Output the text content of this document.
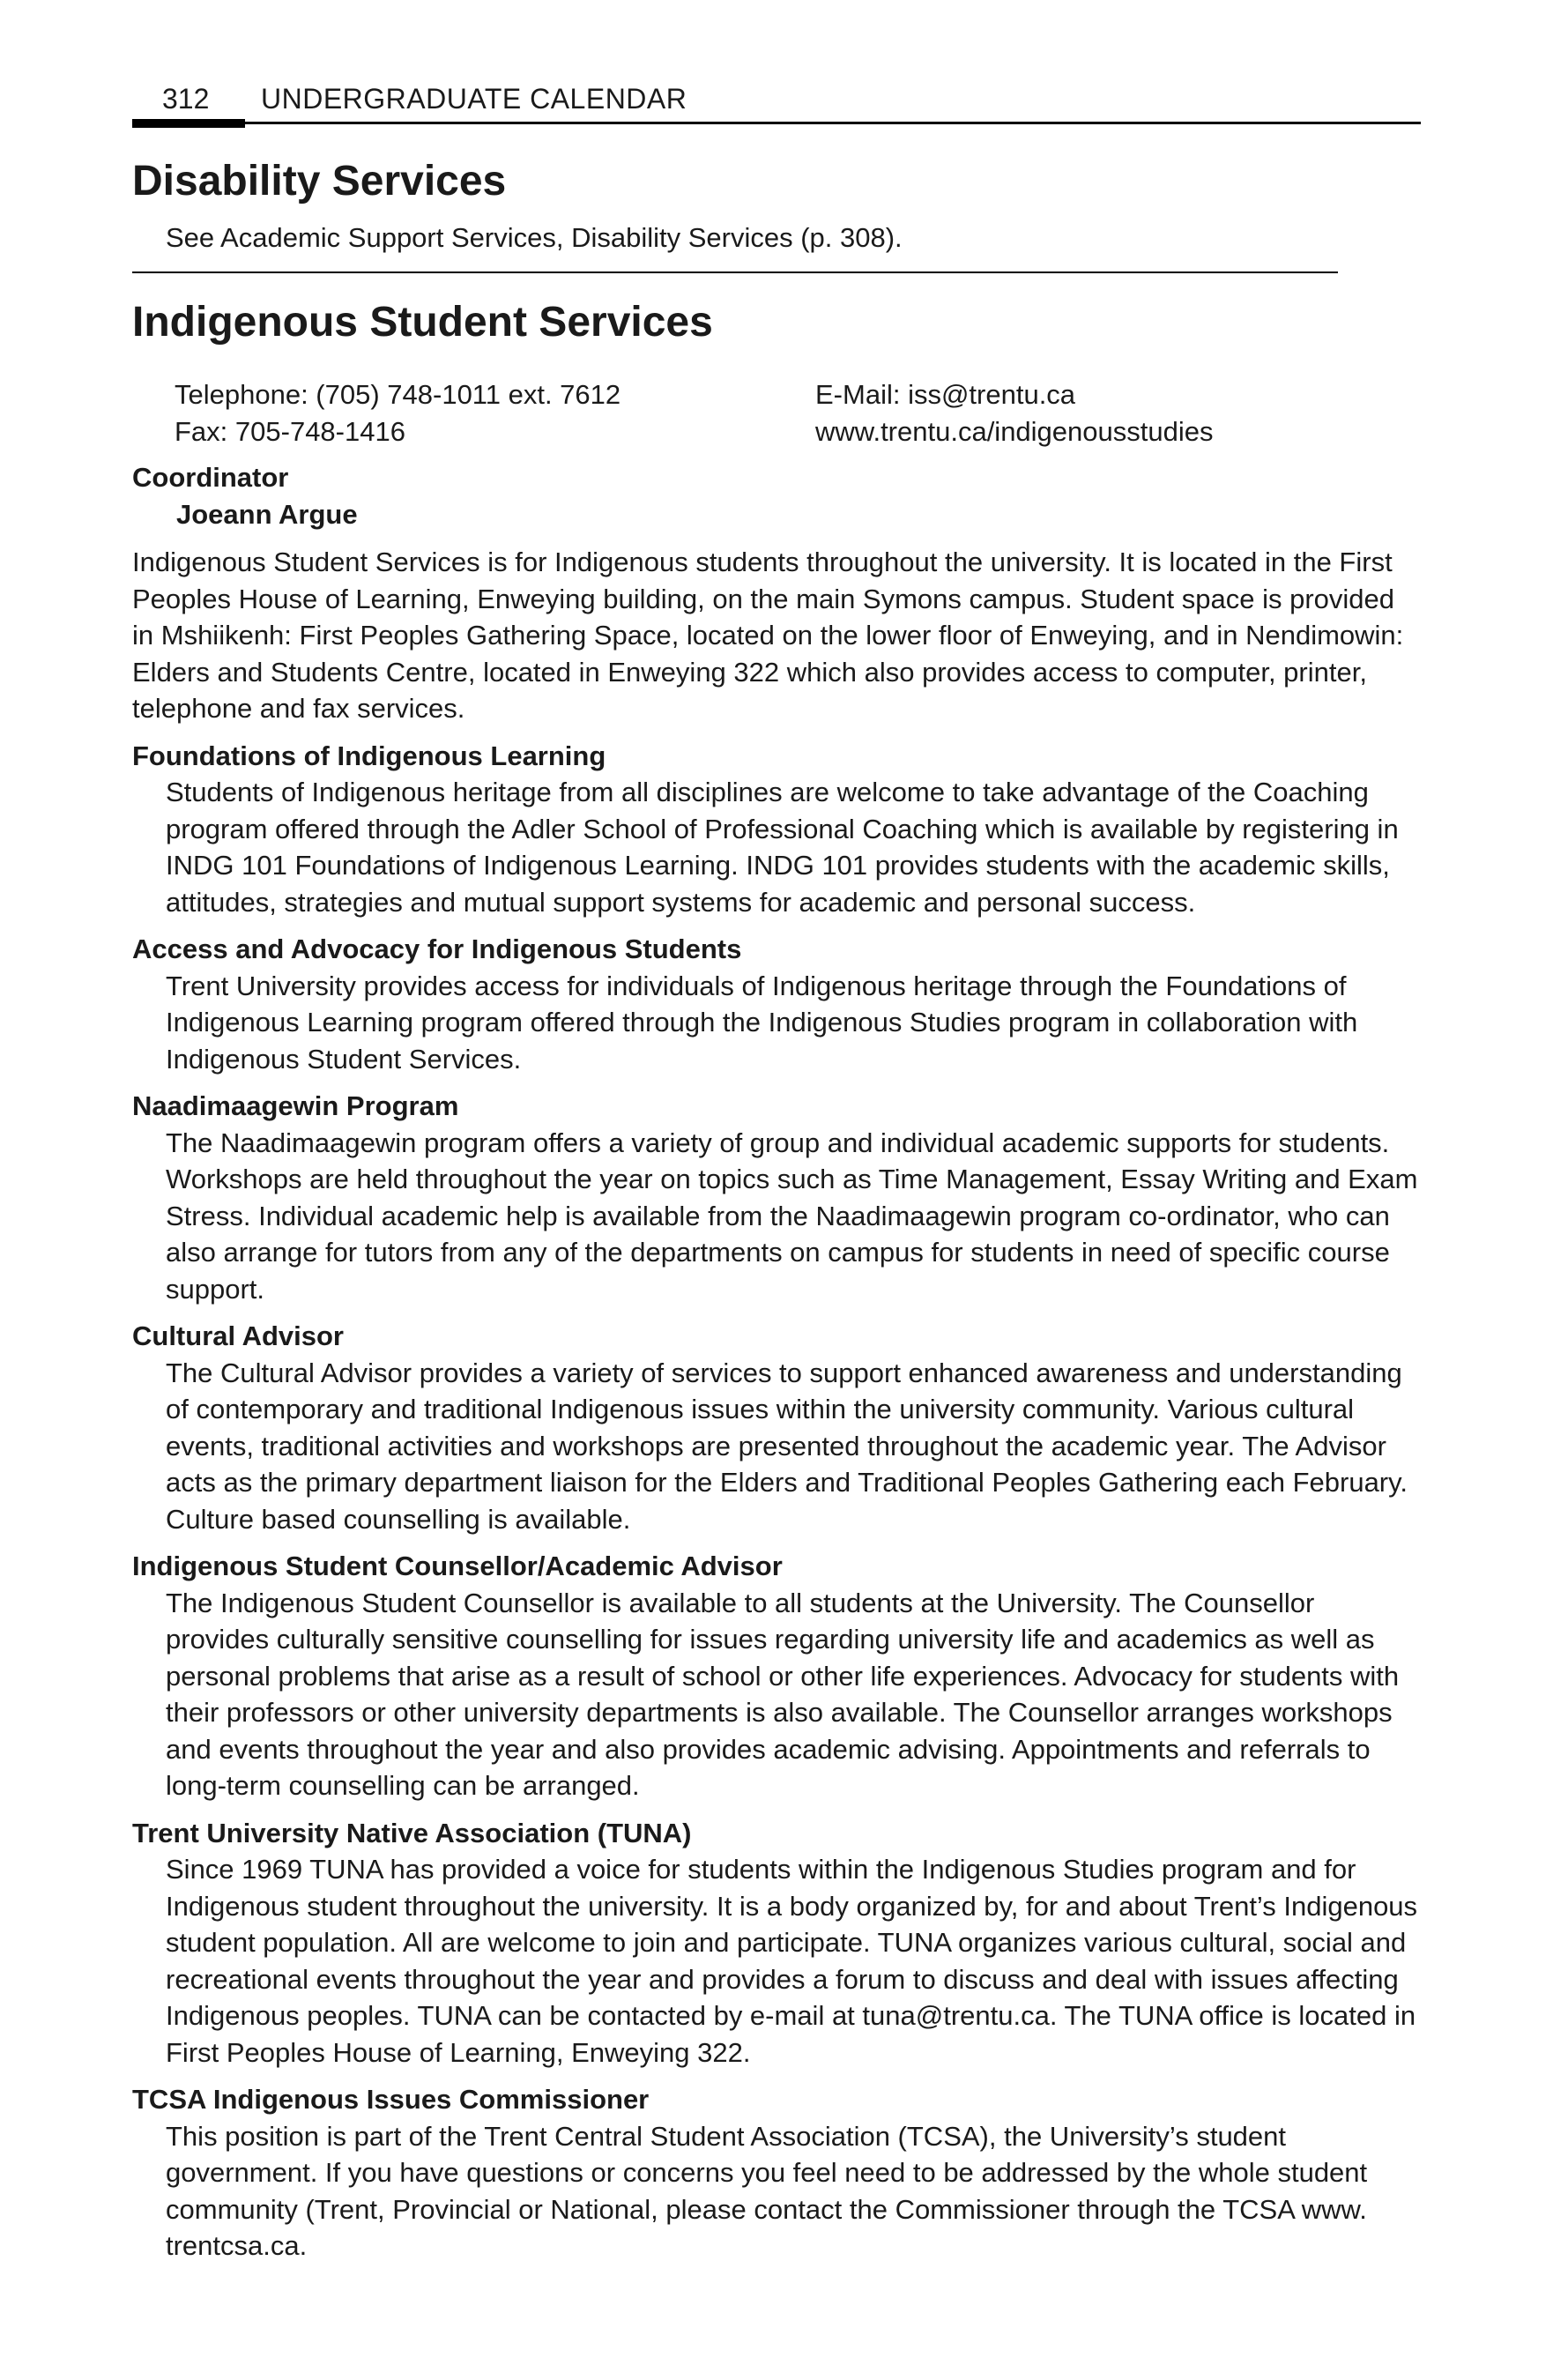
312 UNDERGRADUATE CALENDAR
Disability Services

See Academic Support Services, Disability Services (p. 308).

Indigenous Student Services

Telephone: (705) 748-1011 ext. 7612

Fax: 705-748-1416

E-Mail: iss@trentu.ca

www.trentu.ca/indigenousstudies

Coordinator

Joeann Argue

Indigenous Student Services is for Indigenous students throughout the university. It is located in the First Peoples House of Learning, Enweying building, on the main Symons campus. Student space is provided in Mshiikenh: First Peoples Gathering Space, located on the lower floor of Enweying, and in Nendimowin: Elders and Students Centre, located in Enweying 322 which also provides access to computer, printer, telephone and fax services.

Foundations of Indigenous Learning

Students of Indigenous heritage from all disciplines are welcome to take advantage of the Coaching program offered through the Adler School of Professional Coaching which is available by registering in INDG 101 Foundations of Indigenous Learning. INDG 101 provides students with the academic skills, attitudes, strategies and mutual support systems for academic and personal success.

Access and Advocacy for Indigenous Students

Trent University provides access for individuals of Indigenous heritage through the Foundations of Indigenous Learning program offered through the Indigenous Studies program in collaboration with Indigenous Student Services.

Naadimaagewin Program

The Naadimaagewin program offers a variety of group and individual academic supports for students. Workshops are held throughout the year on topics such as Time Management, Essay Writing and Exam Stress. Individual academic help is available from the Naadimaagewin program co-ordinator, who can also arrange for tutors from any of the departments on campus for students in need of specific course support.

Cultural Advisor

The Cultural Advisor provides a variety of services to support enhanced awareness and understanding of contemporary and traditional Indigenous issues within the university community. Various cultural events, traditional activities and workshops are presented throughout the academic year. The Advisor acts as the primary department liaison for the Elders and Traditional Peoples Gathering each February. Culture based counselling is available.

Indigenous Student Counsellor/Academic Advisor

The Indigenous Student Counsellor is available to all students at the University. The Counsellor provides culturally sensitive counselling for issues regarding university life and academics as well as personal problems that arise as a result of school or other life experiences. Advocacy for students with their professors or other university departments is also available. The Counsellor arranges workshops and events throughout the year and also provides academic advising. Appointments and referrals to long-term counselling can be arranged.

Trent University Native Association (TUNA)

Since 1969 TUNA has provided a voice for students within the Indigenous Studies program and for Indigenous student throughout the university. It is a body organized by, for and about Trent’s Indigenous student population. All are welcome to join and participate. TUNA organizes various cultural, social and recreational events throughout the year and provides a forum to discuss and deal with issues affecting Indigenous peoples. TUNA can be contacted by e-mail at tuna@trentu.ca. The TUNA office is located in First Peoples House of Learning, Enweying 322.

TCSA Indigenous Issues Commissioner

This position is part of the Trent Central Student Association (TCSA), the University’s student government. If you have questions or concerns you feel need to be addressed by the whole student community (Trent, Provincial or National, please contact the Commissioner through the TCSA www. trentcsa.ca.
